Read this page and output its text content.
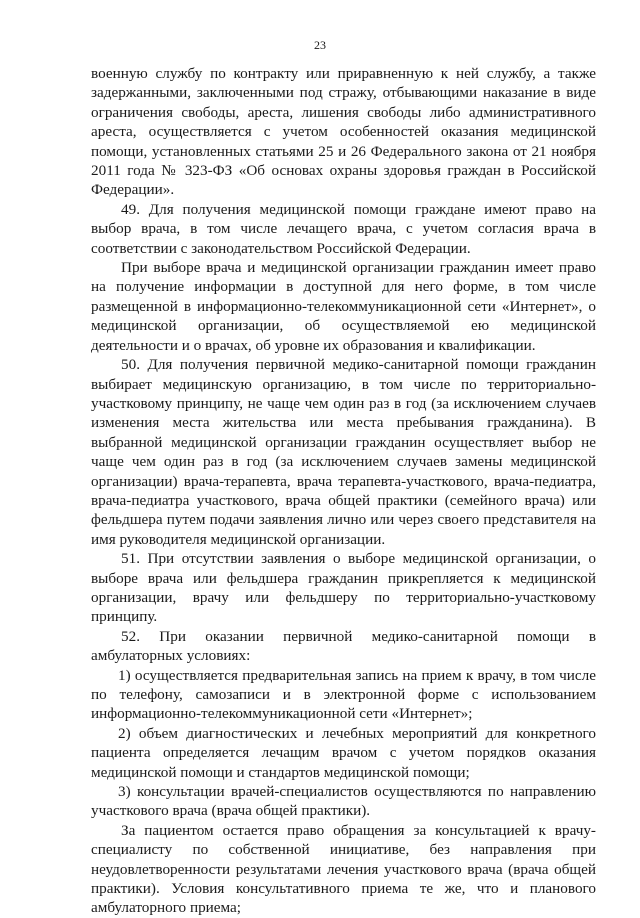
23

военную службу по контракту или приравненную к ней службу, а также задержанными, заключенными под стражу, отбывающими наказание в виде ограничения свободы, ареста, лишения свободы либо административного ареста, осуществляется с учетом особенностей оказания медицинской помощи, установленных статьями 25 и 26 Федерального закона от 21 ноября 2011 года № 323-ФЗ «Об основах охраны здоровья граждан в Российской Федерации».

49. Для получения медицинской помощи граждане имеют право на выбор врача, в том числе лечащего врача, с учетом согласия врача в соответствии с законодательством Российской Федерации.

При выборе врача и медицинской организации гражданин имеет право на получение информации в доступной для него форме, в том числе размещенной в информационно-телекоммуникационной сети «Интернет», о медицинской организации, об осуществляемой ею медицинской деятельности и о врачах, об уровне их образования и квалификации.

50. Для получения первичной медико-санитарной помощи гражданин выбирает медицинскую организацию, в том числе по территориально-участковому принципу, не чаще чем один раз в год (за исключением случаев изменения места жительства или места пребывания гражданина). В выбранной медицинской организации гражданин осуществляет выбор не чаще чем один раз в год (за исключением случаев замены медицинской организации) врача-терапевта, врача терапевта-участкового, врача-педиатра, врача-педиатра участкового, врача общей практики (семейного врача) или фельдшера путем подачи заявления лично или через своего представителя на имя руководителя медицинской организации.

51. При отсутствии заявления о выборе медицинской организации, о выборе врача или фельдшера гражданин прикрепляется к медицинской организации, врачу или фельдшеру по территориально-участковому принципу.

52. При оказании первичной медико-санитарной помощи в амбулаторных условиях:

1) осуществляется предварительная запись на прием к врачу, в том числе по телефону, самозаписи и в электронной форме с использованием информационно-телекоммуникационной сети «Интернет»;

2) объем диагностических и лечебных мероприятий для конкретного пациента определяется лечащим врачом с учетом порядков оказания медицинской помощи и стандартов медицинской помощи;

3) консультации врачей-специалистов осуществляются по направлению участкового врача (врача общей практики).

За пациентом остается право обращения за консультацией к врачу-специалисту по собственной инициативе, без направления при неудовлетворенности результатами лечения участкового врача (врача общей практики). Условия консультативного приема те же, что и планового амбулаторного приема;
